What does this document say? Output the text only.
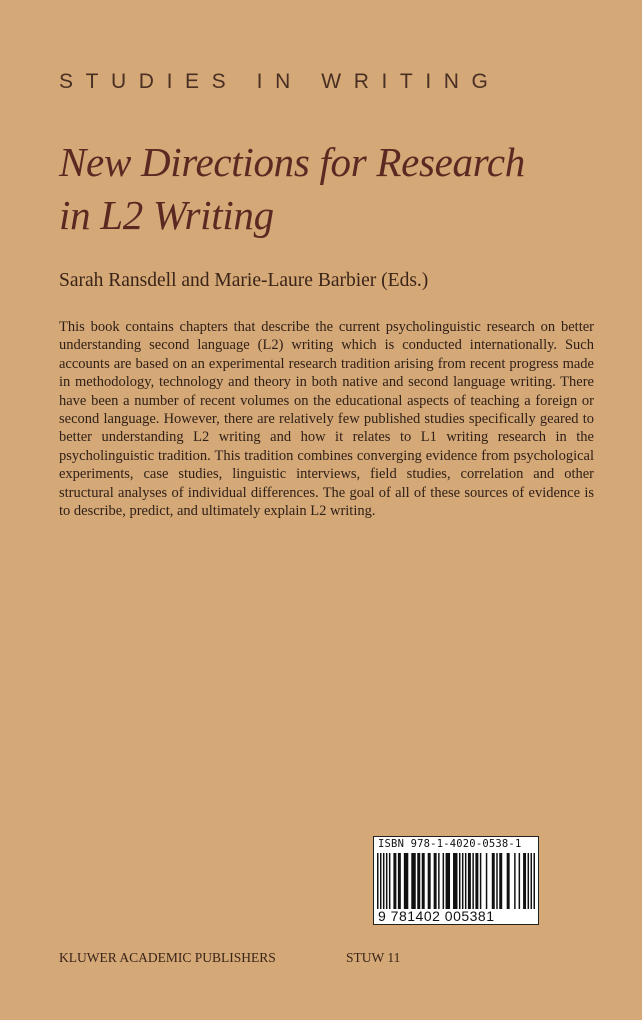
STUDIES IN WRITING
New Directions for Research
in L2 Writing
Sarah Ransdell and Marie-Laure Barbier (Eds.)
This book contains chapters that describe the current psycholinguistic research on better understanding second language (L2) writing which is conducted internationally. Such accounts are based on an experimental research tradition arising from recent progress made in methodology, technology and theory in both native and second language writing. There have been a number of recent volumes on the educational aspects of teaching a foreign or second language. However, there are relatively few published studies specifically geared to better understanding L2 writing and how it relates to L1 writing research in the psycholinguistic tradition. This tradition combines converging evidence from psychological experiments, case studies, linguistic interviews, field studies, correlation and other structural analyses of individual differences. The goal of all of these sources of evidence is to describe, predict, and ultimately explain L2 writing.
ISBN 978-1-4020-0538-1
9 781402 005381
KLUWER ACADEMIC PUBLISHERS	STUW 11
